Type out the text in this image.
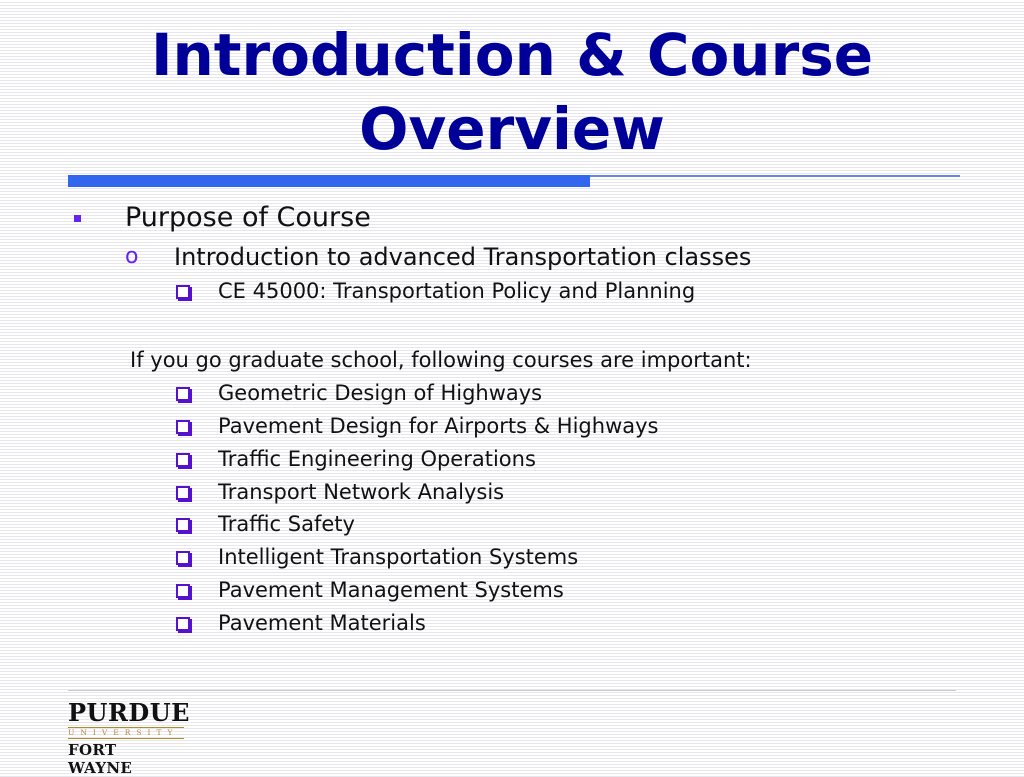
Introduction & Course
Overview
Purpose of Course
o Introduction to advanced Transportation classes
CE 45000: Transportation Policy and Planning
If you go graduate school, following courses are important:
Geometric Design of Highways
Pavement Design for Airports & Highways
Traffic Engineering Operations
Transport Network Analysis
Traffic Safety
Intelligent Transportation Systems
Pavement Management Systems
Pavement Materials
PURDUE
UNIVERSITY
FORT WAYNE
